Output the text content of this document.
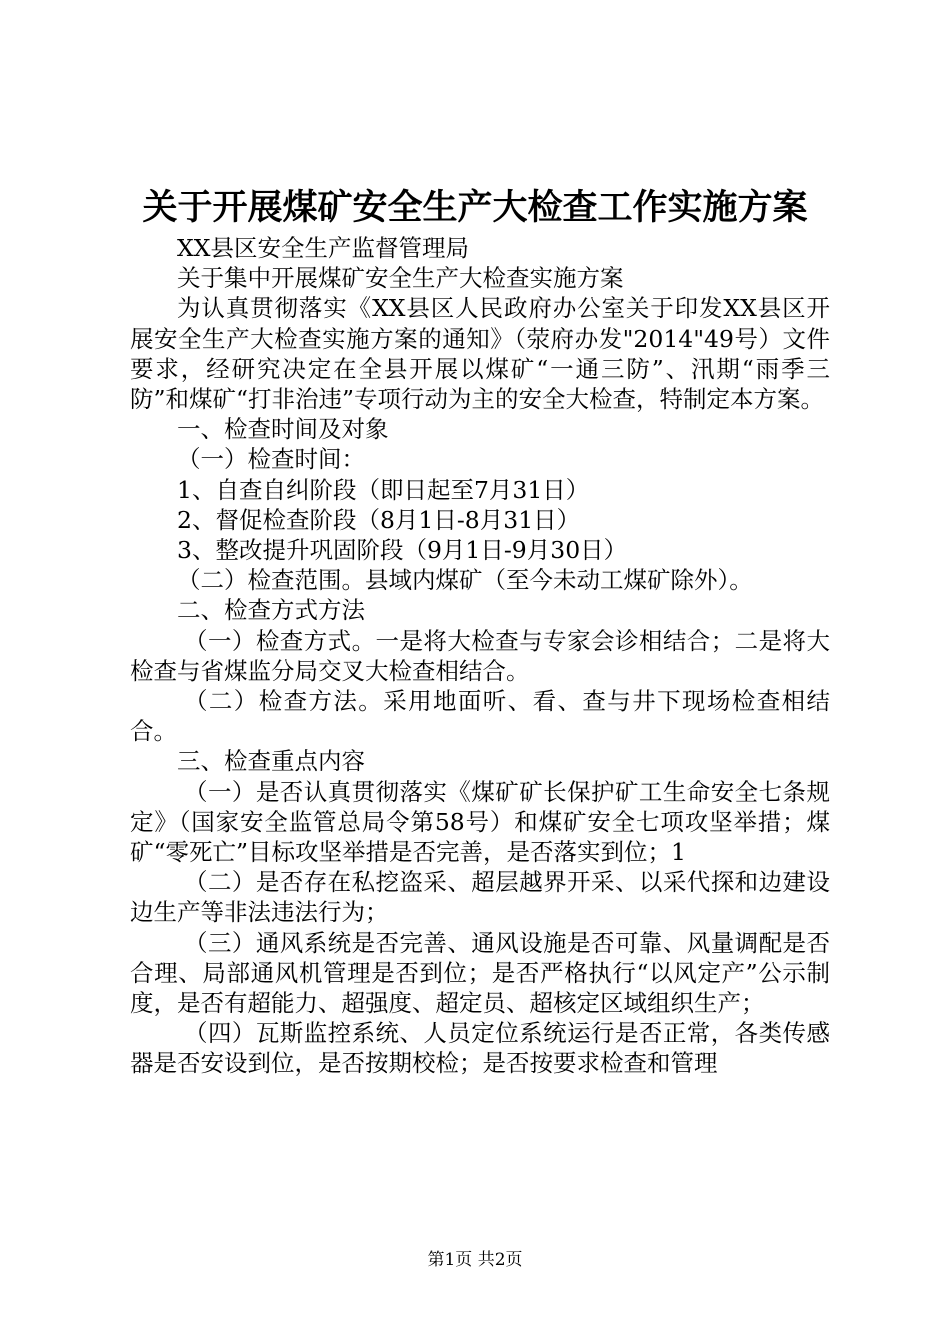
关于开展煤矿安全生产大检查工作实施方案

XX县区安全生产监督管理局

关于集中开展煤矿安全生产大检查实施方案

为认真贯彻落实《XX县区人民政府办公室关于印发XX县区开展安全生产大检查实施方案的通知》（荥府办发"2014"49号）文件要求，经研究决定在全县开展以煤矿“一通三防”、汛期“雨季三防”和煤矿“打非治违”专项行动为主的安全大检查，特制定本方案。

一、检查时间及对象

（一）检查时间：

1、自查自纠阶段（即日起至7月31日）

2、督促检查阶段（8月1日-8月31日）

3、整改提升巩固阶段（9月1日-9月30日）

（二）检查范围。县域内煤矿（至今未动工煤矿除外）。

二、检查方式方法

（一）检查方式。一是将大检查与专家会诊相结合；二是将大检查与省煤监分局交叉大检查相结合。

（二）检查方法。采用地面听、看、查与井下现场检查相结合。

三、检查重点内容

（一）是否认真贯彻落实《煤矿矿长保护矿工生命安全七条规定》（国家安全监管总局令第58号）和煤矿安全七项攻坚举措；煤矿“零死亡”目标攻坚举措是否完善，是否落实到位；1

（二）是否存在私挖盗采、超层越界开采、以采代探和边建设边生产等非法违法行为；

（三）通风系统是否完善、通风设施是否可靠、风量调配是否合理、局部通风机管理是否到位；是否严格执行“以风定产”公示制度，是否有超能力、超强度、超定员、超核定区域组织生产；

（四）瓦斯监控系统、人员定位系统运行是否正常，各类传感器是否安设到位，是否按期校检；是否按要求检查和管理

第1页 共2页
